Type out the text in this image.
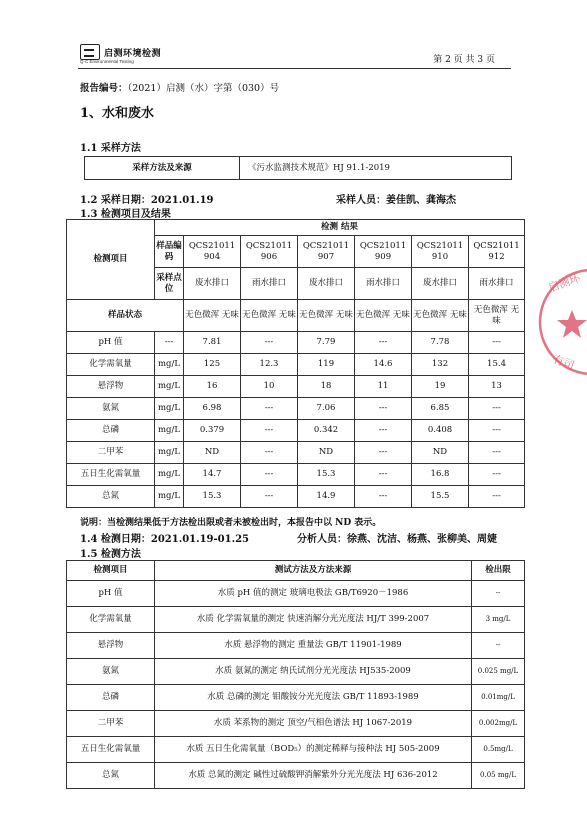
启测环境检测
Q·C Environmental Testing	第 2 页 共 3 页
报告编号：（2021）启测（水）字第（030）号
1、水和废水
1.1 采样方法
采样方法及来源	《污水监测技术规范》HJ 91.1-2019
1.2 采样日期：2021.01.19	采样人员：姜佳凯、龚海杰
1.3 检测项目及结果
检测项目	检测 结果						
	样品编码	QCS21011 904	QCS21011 906	QCS21011 907	QCS21011 909	QCS21011 910	QCS21011 912
	采样点位	废水排口	雨水排口	废水排口	雨水排口	废水排口	雨水排口
样品状态		无色微浑 无味	无色微浑 无味	无色微浑 无味	无色微浑 无味	无色微浑 无味	无色微浑 无味
pH 值	---	7.81	---	7.79	---	7.78	---
化学需氧量	mg/L	125	12.3	119	14.6	132	15.4
悬浮物	mg/L	16	10	18	11	19	13
氨氮	mg/L	6.98	---	7.06	---	6.85	---
总磷	mg/L	0.379	---	0.342	---	0.408	---
二甲苯	mg/L	ND	---	ND	---	ND	---
五日生化需氧量	mg/L	14.7	---	15.3	---	16.8	---
总氮	mg/L	15.3	---	14.9	---	15.5	---
说明：当检测结果低于方法检出限或者未被检出时，本报告中以 ND 表示。
1.4 检测日期：2021.01.19-01.25	分析人员：徐燕、沈洁、杨燕、张柳美、周婕
1.5 检测方法
检测项目	测试方法及方法来源	检出限
pH 值	水质 pH 值的测定 玻璃电极法 GB/T6920－1986	--
化学需氧量	水质 化学需氧量的测定 快速消解分光光度法 HJ/T 399-2007	3 mg/L
悬浮物	水质 悬浮物的测定 重量法 GB/T 11901-1989	--
氨氮	水质 氨氮的测定 纳氏试剂分光光度法 HJ535-2009	0.025 mg/L
总磷	水质 总磷的测定 钼酸铵分光光度法 GB/T 11893-1989	0.01mg/L
二甲苯	水质 苯系物的测定 顶空/气相色谱法 HJ 1067-2019	0.002mg/L
五日生化需氧量	水质 五日生化需氧量（BOD₅）的测定稀释与接种法 HJ 505-2009	0.5mg/L
总氮	水质 总氮的测定 碱性过硫酸钾消解紫外分光光度法 HJ 636-2012	0.05 mg/L
启测环
有司
